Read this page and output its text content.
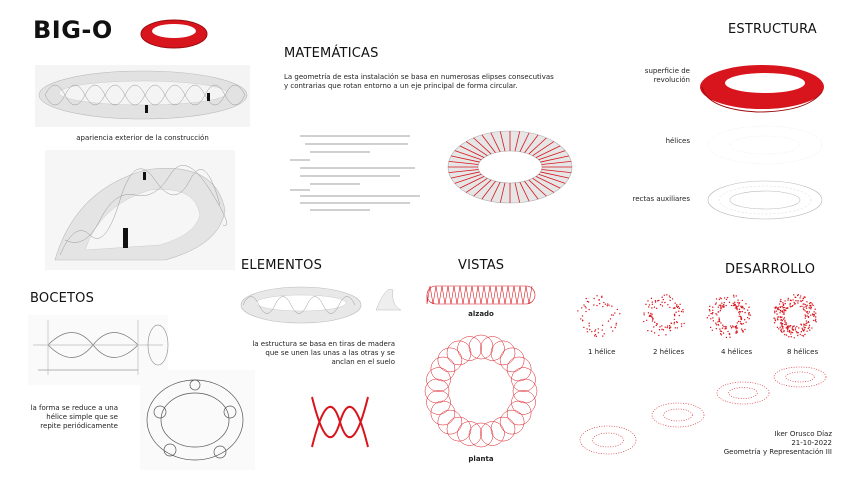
BIG-O
apariencia exterior de la construcción
MATEMÁTICAS
La geometría de esta instalación se basa en numerosas elipses consecutivas y contrarias que rotan entorno a un eje principal de forma circular.
ESTRUCTURA
superficie de revolución
hélices
rectas auxiliares
ELEMENTOS
la estructura se basa en tiras de madera que se unen las unas a las otras y se anclan en el suelo
VISTAS
alzado
planta
BOCETOS
la forma se reduce a una hélice simple que se repite periódicamente
DESARROLLO
1 hélice	2 hélices	4 hélices	8 hélices
Iker Orusco Díaz
21-10-2022
Geometría y Representación III
